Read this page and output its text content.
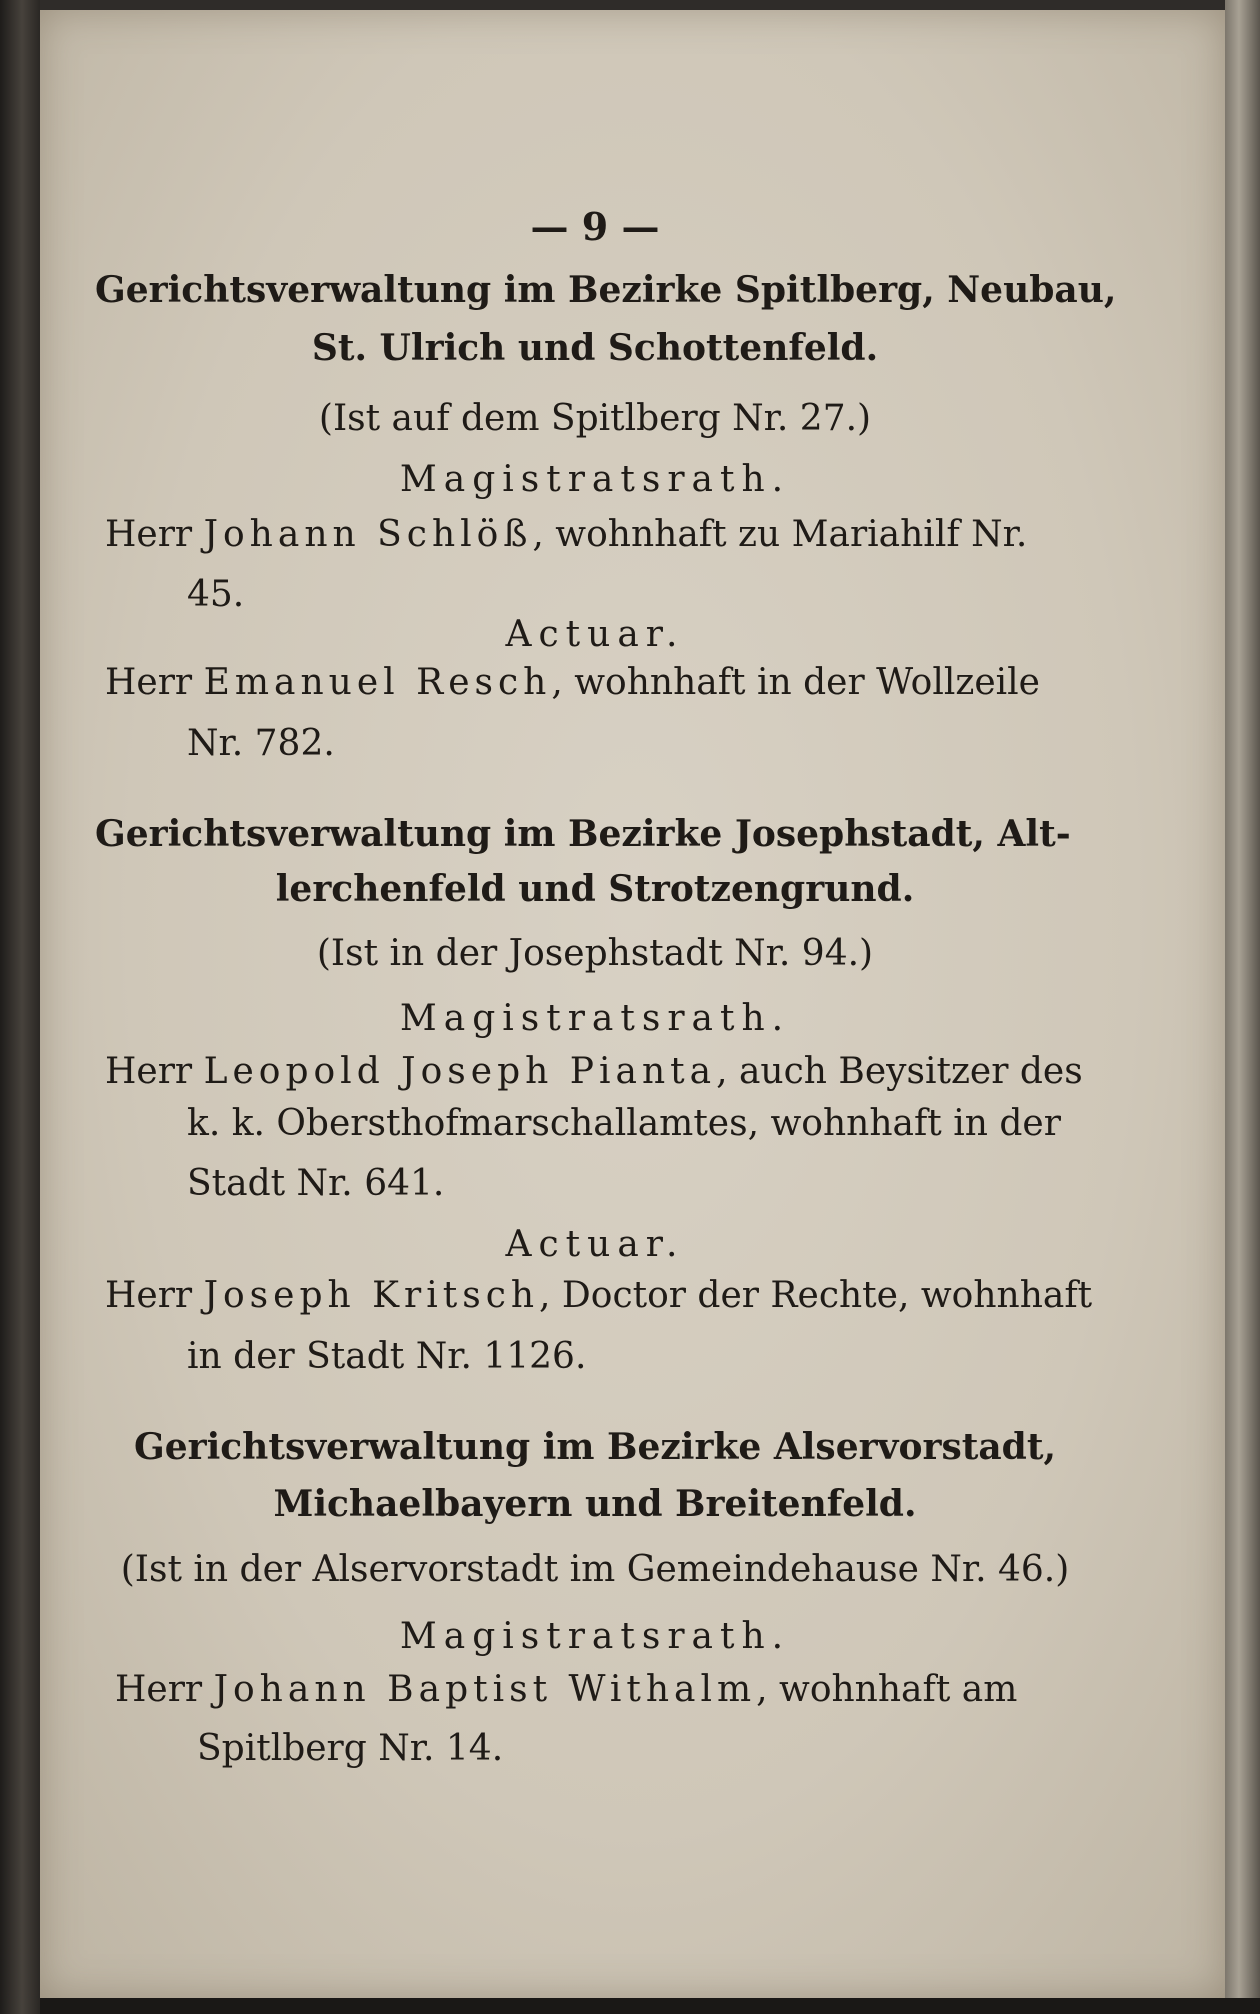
— 9 —
Gerichtsverwaltung im Bezirke Spitlberg, Neubau,
St. Ulrich und Schottenfeld.
(Ist auf dem Spitlberg Nr. 27.)
Magistratsrath.
Herr Johann Schlöß, wohnhaft zu Mariahilf Nr.
45.
Actuar.
Herr Emanuel Resch, wohnhaft in der Wollzeile
Nr. 782.
Gerichtsverwaltung im Bezirke Josephstadt, Alt-
lerchenfeld und Strotzengrund.
(Ist in der Josephstadt Nr. 94.)
Magistratsrath.
Herr Leopold Joseph Pianta, auch Beysitzer des
k. k. Obersthofmarschallamtes, wohnhaft in der
Stadt Nr. 641.
Actuar.
Herr Joseph Kritsch, Doctor der Rechte, wohnhaft
in der Stadt Nr. 1126.
Gerichtsverwaltung im Bezirke Alservorstadt,
Michaelbayern und Breitenfeld.
(Ist in der Alservorstadt im Gemeindehause Nr. 46.)
Magistratsrath.
Herr Johann Baptist Withalm, wohnhaft am
Spitlberg Nr. 14.
